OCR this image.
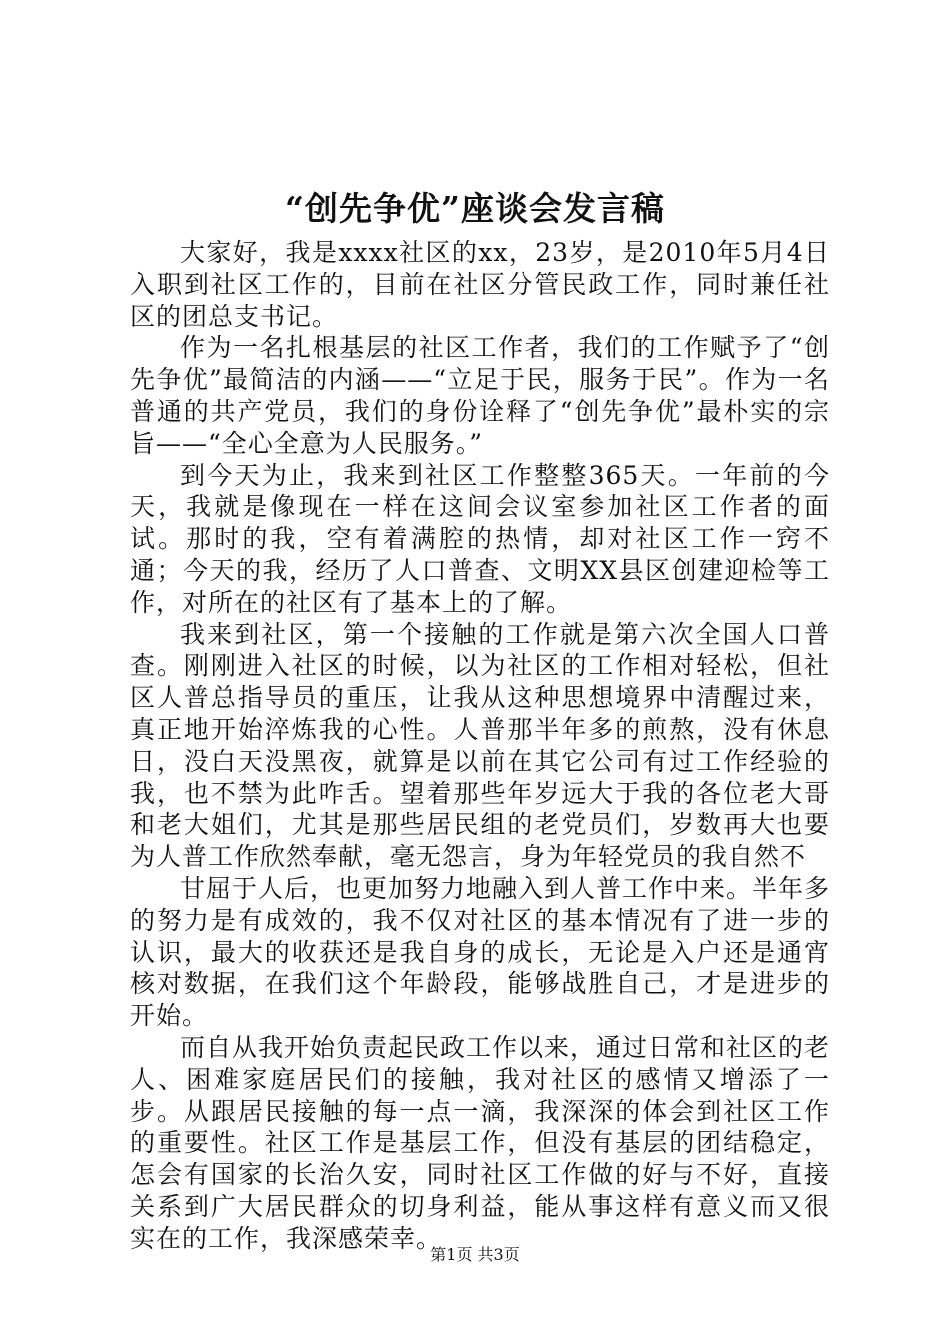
“创先争优”座谈会发言稿

大家好，我是xxxx社区的xx，23岁，是2010年5月4日入职到社区工作的，目前在社区分管民政工作，同时兼任社区的团总支书记。

作为一名扎根基层的社区工作者，我们的工作赋予了“创先争优”最简洁的内涵——“立足于民，服务于民”。作为一名普通的共产党员，我们的身份诠释了“创先争优”最朴实的宗旨——“全心全意为人民服务。”

到今天为止，我来到社区工作整整365天。一年前的今天，我就是像现在一样在这间会议室参加社区工作者的面试。那时的我，空有着满腔的热情，却对社区工作一窍不通；今天的我，经历了人口普查、文明XX县区创建迎检等工作，对所在的社区有了基本上的了解。

我来到社区，第一个接触的工作就是第六次全国人口普查。刚刚进入社区的时候，以为社区的工作相对轻松，但社区人普总指导员的重压，让我从这种思想境界中清醒过来，真正地开始淬炼我的心性。人普那半年多的煎熬，没有休息日，没白天没黑夜，就算是以前在其它公司有过工作经验的我，也不禁为此咋舌。望着那些年岁远大于我的各位老大哥和老大姐们，尤其是那些居民组的老党员们，岁数再大也要为人普工作欣然奉献，毫无怨言，身为年轻党员的我自然不

甘屈于人后，也更加努力地融入到人普工作中来。半年多的努力是有成效的，我不仅对社区的基本情况有了进一步的认识，最大的收获还是我自身的成长，无论是入户还是通宵核对数据，在我们这个年龄段，能够战胜自己，才是进步的开始。

而自从我开始负责起民政工作以来，通过日常和社区的老人、困难家庭居民们的接触，我对社区的感情又增添了一步。从跟居民接触的每一点一滴，我深深的体会到社区工作的重要性。社区工作是基层工作，但没有基层的团结稳定，怎会有国家的长治久安，同时社区工作做的好与不好，直接关系到广大居民群众的切身利益，能从事这样有意义而又很实在的工作，我深感荣幸。

第1页 共3页
